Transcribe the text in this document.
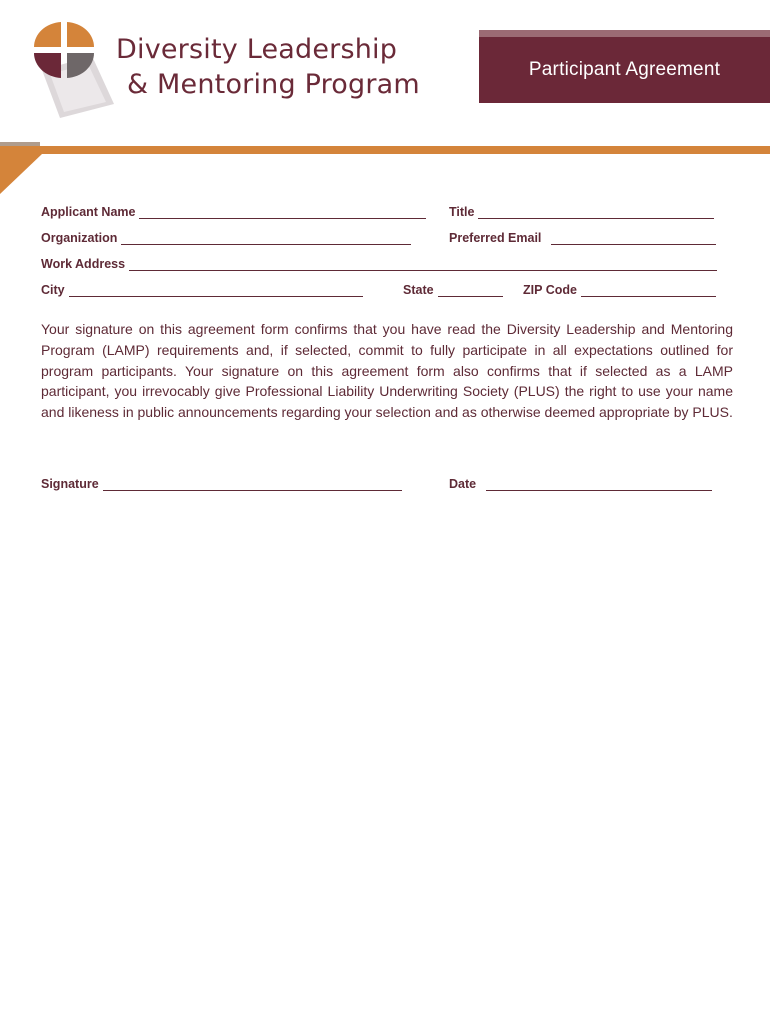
Diversity Leadership
& Mentoring Program	Participant Agreement
Applicant Name	Title
Organization	Preferred Email
Work Address
City	State	ZIP Code
Your signature on this agreement form confirms that you have read the Diversity Leadership and Mentoring Program (LAMP) requirements and, if selected, commit to fully participate in all expectations outlined for program participants. Your signature on this agreement form also confirms that if selected as a LAMP participant, you irrevocably give Professional Liability Underwriting Society (PLUS) the right to use your name and likeness in public announcements regarding your selection and as otherwise deemed appropriate by PLUS.
Signature	Date
